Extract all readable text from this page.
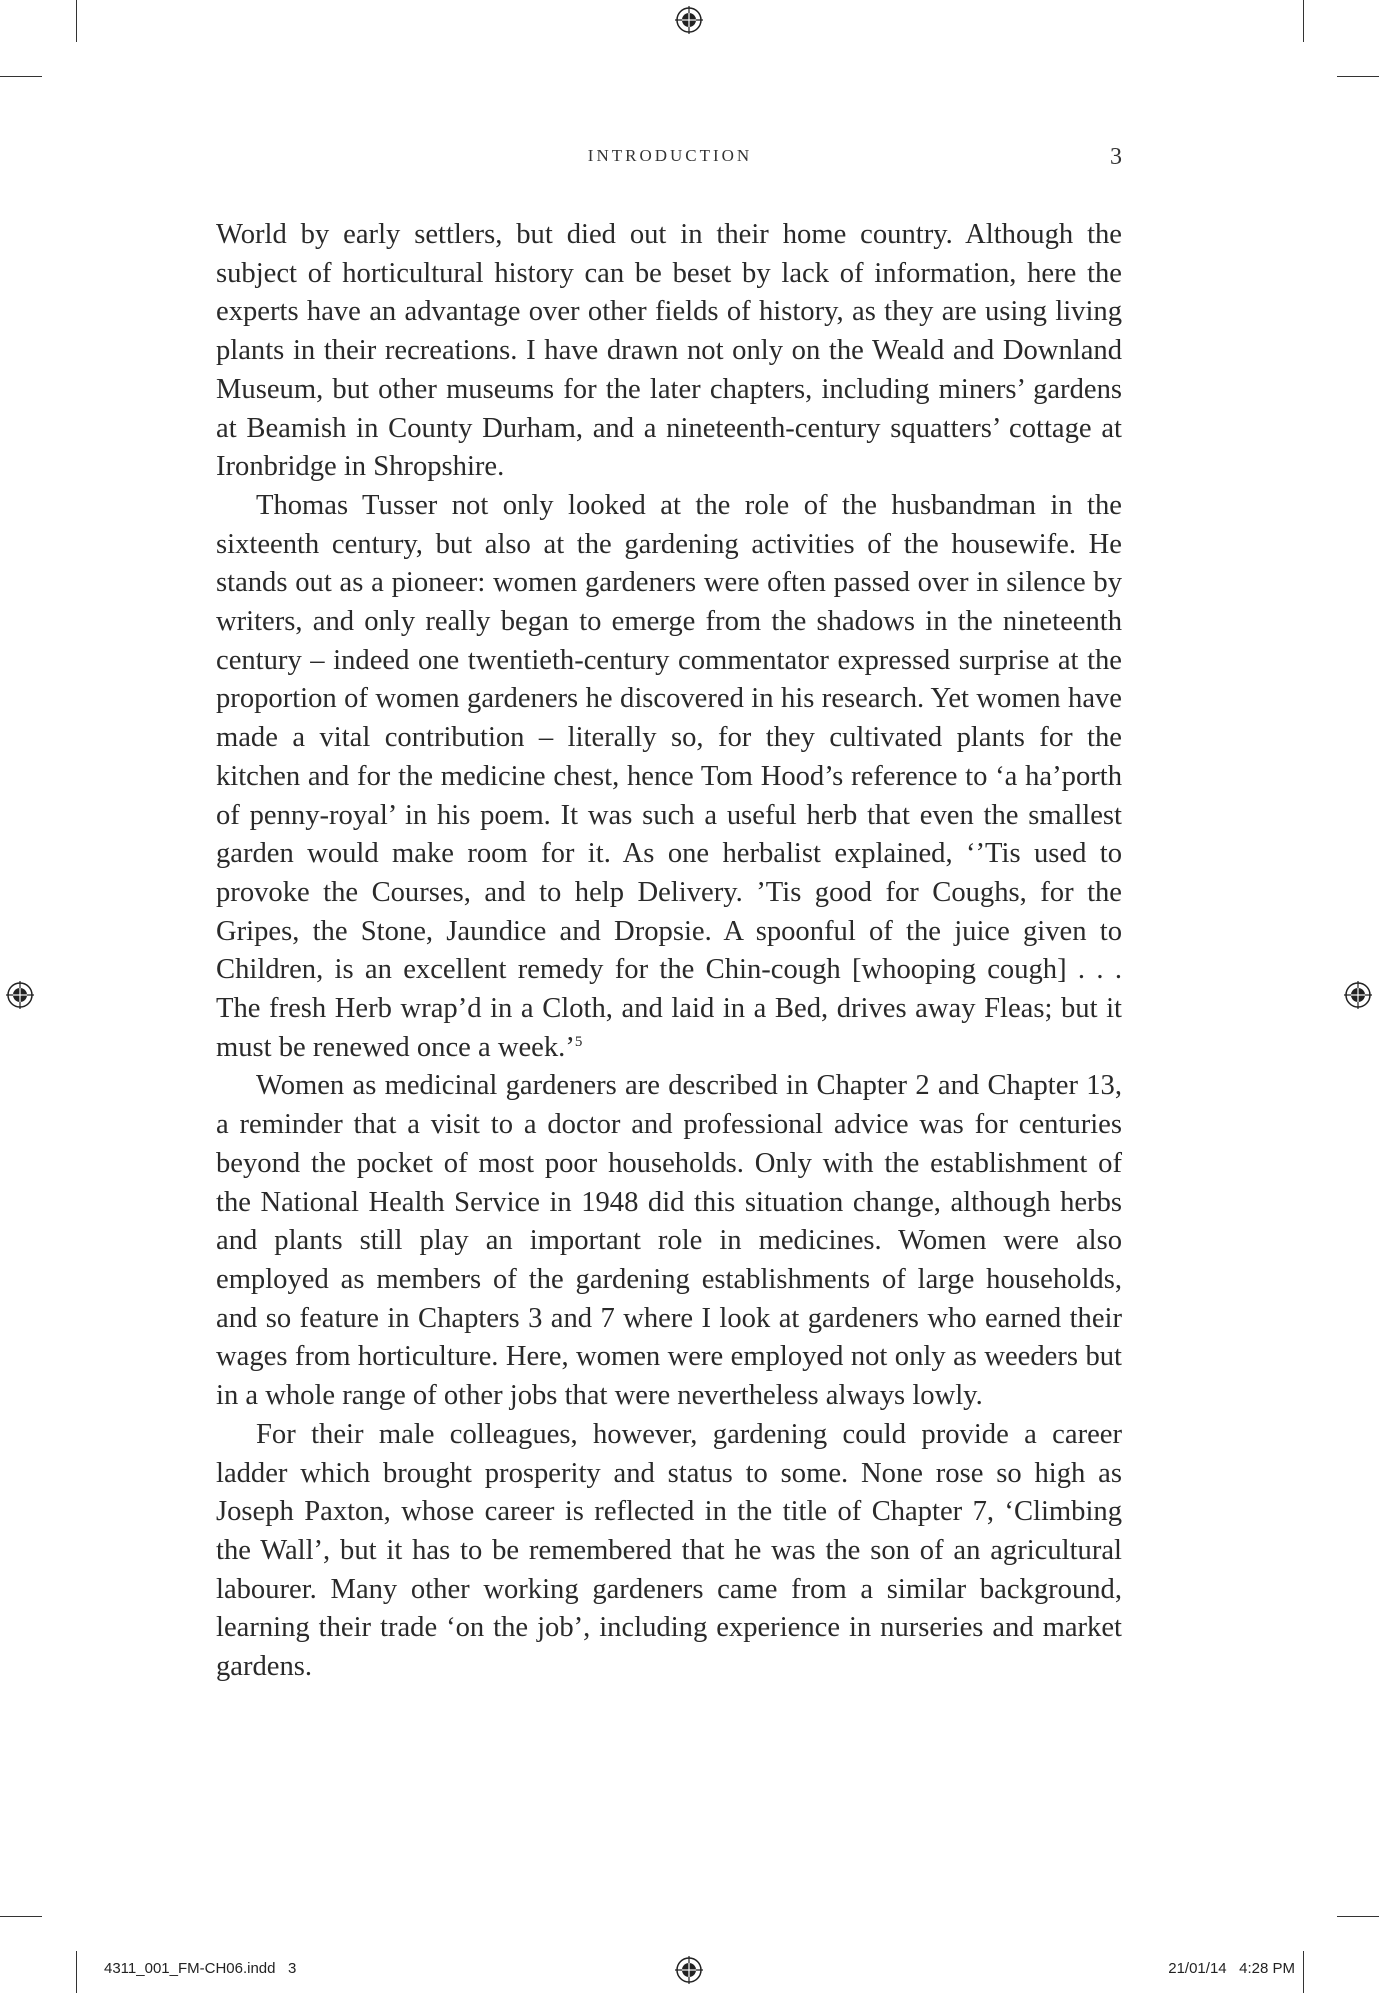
INTRODUCTION	3

World by early settlers, but died out in their home country. Although the subject of horticultural history can be beset by lack of information, here the experts have an advantage over other fields of history, as they are using living plants in their recreations. I have drawn not only on the Weald and Downland Museum, but other museums for the later chapters, including miners’ gardens at Beamish in County Durham, and a nineteenth-century squatters’ cottage at Ironbridge in Shropshire.

Thomas Tusser not only looked at the role of the husbandman in the sixteenth century, but also at the gardening activities of the housewife. He stands out as a pioneer: women gardeners were often passed over in silence by writers, and only really began to emerge from the shadows in the nineteenth century – indeed one twentieth-century commentator expressed surprise at the proportion of women gardeners he discovered in his research. Yet women have made a vital contribution – literally so, for they cultivated plants for the kitchen and for the medicine chest, hence Tom Hood’s reference to ‘a ha’porth of penny-royal’ in his poem. It was such a useful herb that even the smallest garden would make room for it. As one herbalist explained, ‘’Tis used to provoke the Courses, and to help Delivery. ’Tis good for Coughs, for the Gripes, the Stone, Jaundice and Dropsie. A spoonful of the juice given to Children, is an excellent remedy for the Chin-cough [whooping cough] . . . The fresh Herb wrap’d in a Cloth, and laid in a Bed, drives away Fleas; but it must be renewed once a week.’$^5$

Women as medicinal gardeners are described in Chapter 2 and Chapter 13, a reminder that a visit to a doctor and professional advice was for centuries beyond the pocket of most poor households. Only with the establishment of the National Health Service in 1948 did this situation change, although herbs and plants still play an important role in medicines. Women were also employed as members of the gardening establishments of large households, and so feature in Chapters 3 and 7 where I look at gardeners who earned their wages from horticulture. Here, women were employed not only as weeders but in a whole range of other jobs that were nevertheless always lowly.

For their male colleagues, however, gardening could provide a career ladder which brought prosperity and status to some. None rose so high as Joseph Paxton, whose career is reflected in the title of Chapter 7, ‘Climbing the Wall’, but it has to be remembered that he was the son of an agricultural labourer. Many other working gardeners came from a similar background, learning their trade ‘on the job’, including experience in nurseries and market gardens.

4311_001_FM-CH06.indd   3	21/01/14   4:28 PM
